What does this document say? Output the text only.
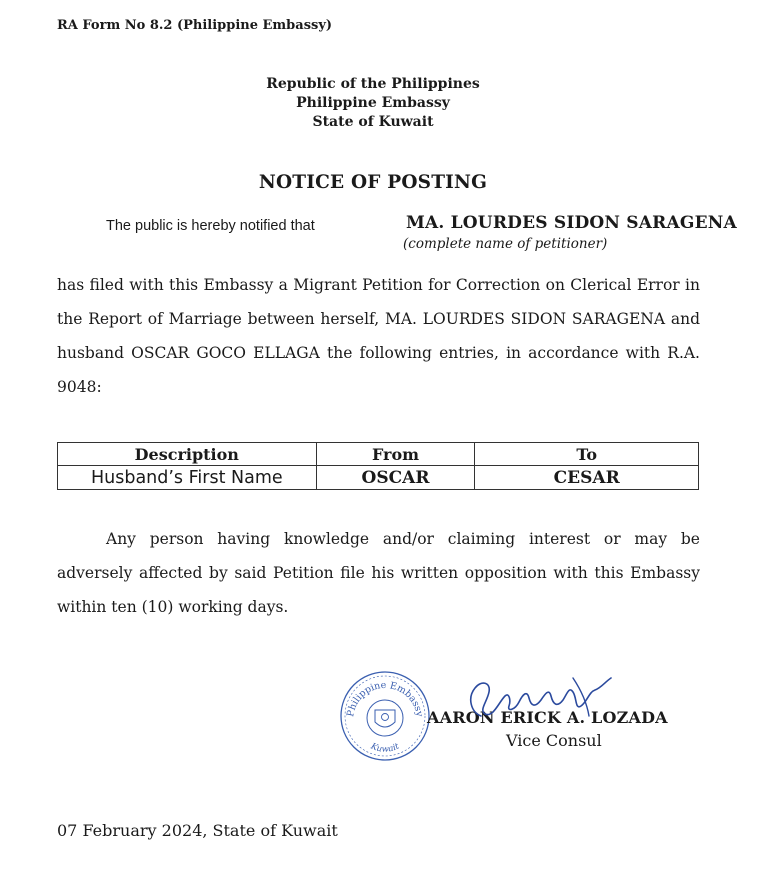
RA Form No 8.2 (Philippine Embassy)
Republic of the Philippines
Philippine Embassy
State of Kuwait
NOTICE OF POSTING
The public is hereby notified that	MA. LOURDES SIDON SARAGENA
(complete name of petitioner)
has filed with this Embassy a Migrant Petition for Correction on Clerical Error in the Report of Marriage between herself, MA. LOURDES SIDON SARAGENA and husband OSCAR GOCO ELLAGA the following entries, in accordance with R.A. 9048:
Description	From	To
Husband’s First Name	OSCAR	CESAR
Any person having knowledge and/or claiming interest or may be adversely affected by said Petition file his written opposition with this Embassy within ten (10) working days.
Philippine Embassy
Kuwait
AARON ERICK A. LOZADA
Vice Consul
07 February 2024, State of Kuwait
